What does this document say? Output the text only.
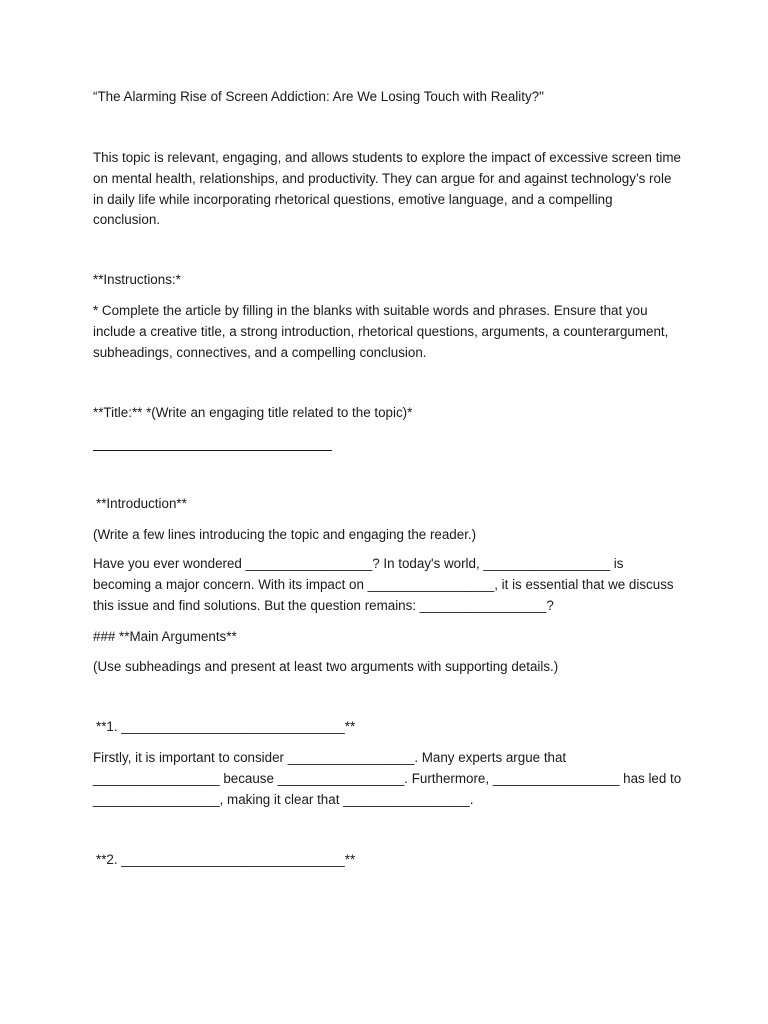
“The Alarming Rise of Screen Addiction: Are We Losing Touch with Reality?"

This topic is relevant, engaging, and allows students to explore the impact of excessive screen time on mental health, relationships, and productivity. They can argue for and against technology’s role in daily life while incorporating rhetorical questions, emotive language, and a compelling conclusion.

**Instructions:*

* Complete the article by filling in the blanks with suitable words and phrases. Ensure that you include a creative title, a strong introduction, rhetorical questions, arguments, a counterargument, subheadings, connectives, and a compelling conclusion.

**Title:** *(Write an engaging title related to the topic)*

**Introduction**

(Write a few lines introducing the topic and engaging the reader.)

Have you ever wondered _________________? In today's world, _________________ is becoming a major concern. With its impact on _________________, it is essential that we discuss this issue and find solutions. But the question remains: _________________?

### **Main Arguments**

(Use subheadings and present at least two arguments with supporting details.)

**1. ______________________________**

Firstly, it is important to consider _________________. Many experts argue that _________________ because _________________. Furthermore, _________________ has led to _________________, making it clear that _________________.

**2. ______________________________**
